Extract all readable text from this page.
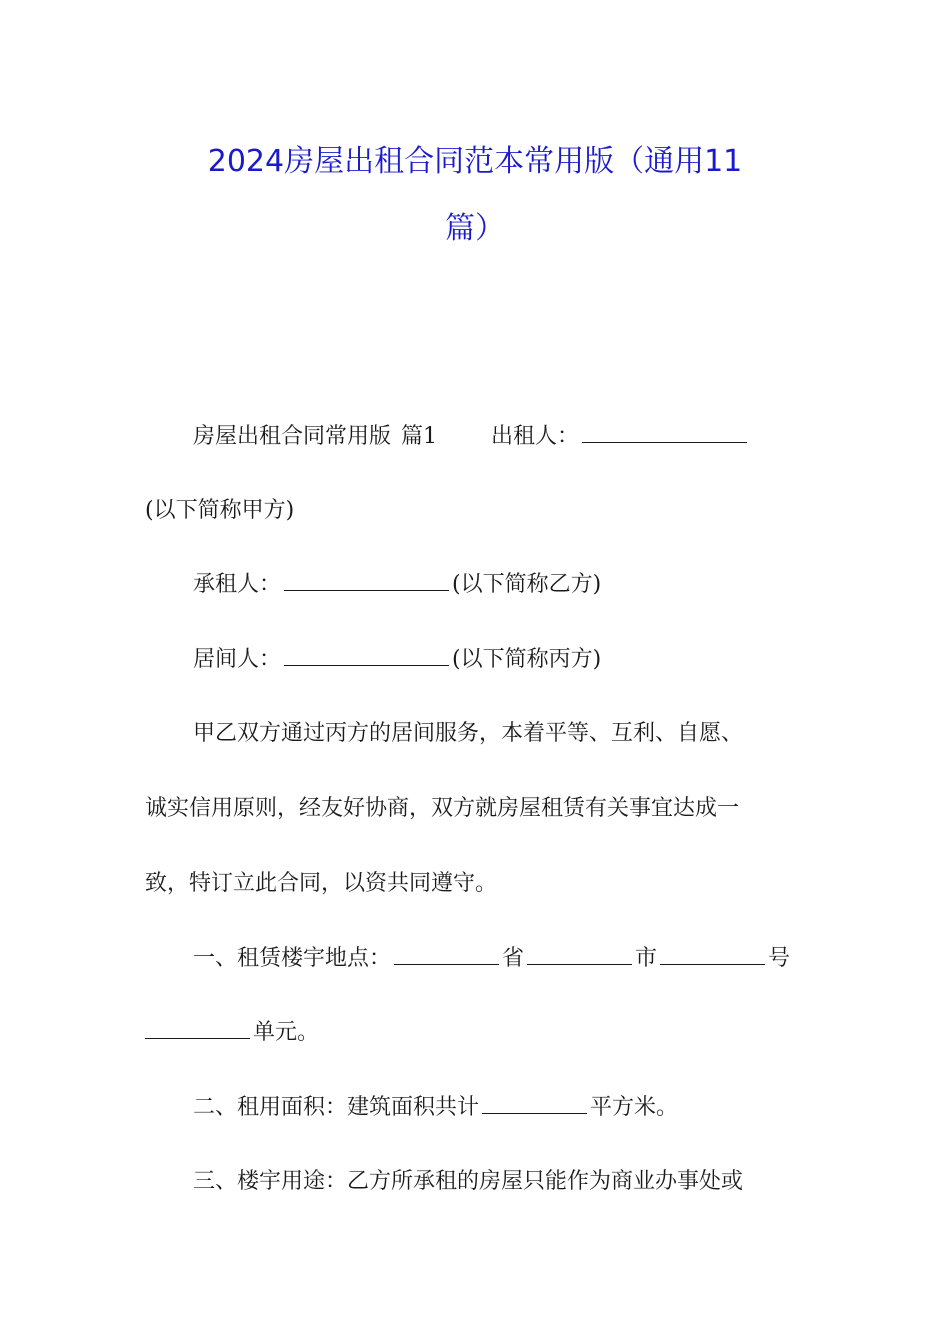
2024房屋出租合同范本常用版（通用11
篇）
房屋出租合同常用版 篇1 出租人：
(以下简称甲方)
承租人：	(以下简称乙方)
居间人：	(以下简称丙方)
甲乙双方通过丙方的居间服务，本着平等、互利、自愿、
诚实信用原则，经友好协商，双方就房屋租赁有关事宜达成一
致，特订立此合同，以资共同遵守。
一、租赁楼宇地点：	省	市	号
单元。
二、租用面积：建筑面积共计	平方米。
三、楼宇用途：乙方所承租的房屋只能作为商业办事处或
